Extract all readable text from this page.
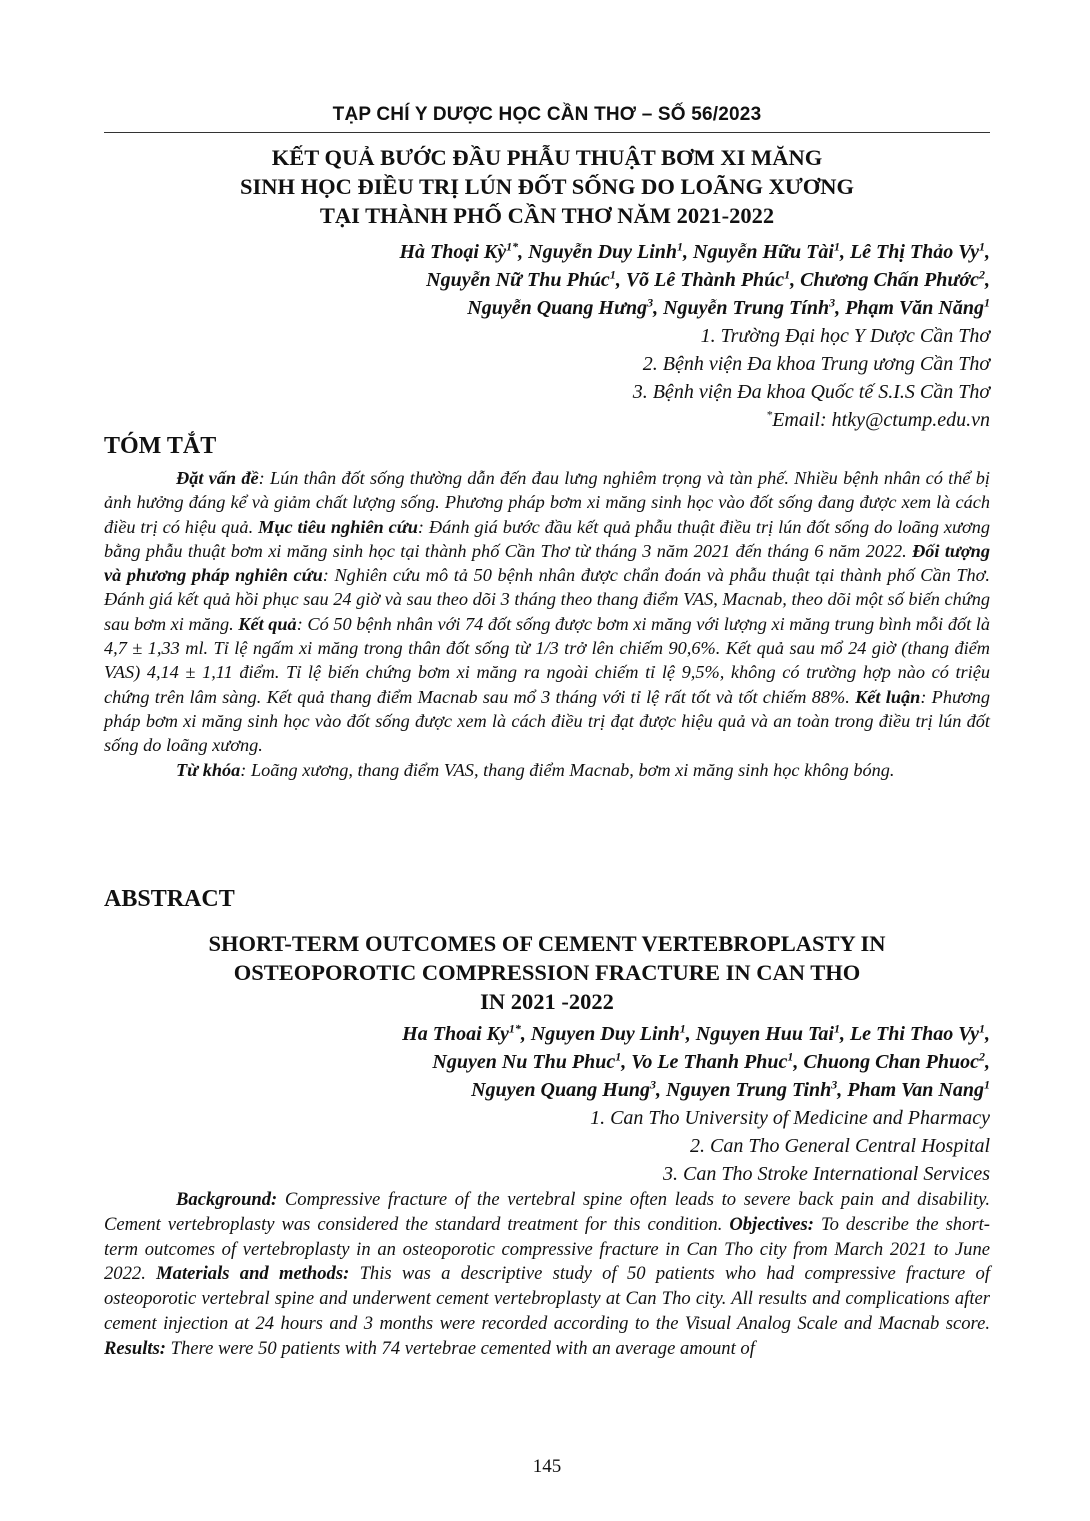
TẠP CHÍ Y DƯỢC HỌC CẦN THƠ – SỐ 56/2023
KẾT QUẢ BƯỚC ĐẦU PHẪU THUẬT BƠM XI MĂNG
SINH HỌC ĐIỀU TRỊ LÚN ĐỐT SỐNG DO LOÃNG XƯƠNG
TẠI THÀNH PHỐ CẦN THƠ NĂM 2021-2022
Hà Thoại Kỳ$^{1*}$, Nguyễn Duy Linh$^1$, Nguyễn Hữu Tài$^1$, Lê Thị Thảo Vy$^1$,
Nguyễn Nữ Thu Phúc$^1$, Võ Lê Thành Phúc$^1$, Chương Chấn Phước$^2$,
Nguyễn Quang Hưng$^3$, Nguyễn Trung Tính$^3$, Phạm Văn Năng$^1$
1. Trường Đại học Y Dược Cần Thơ
2. Bệnh viện Đa khoa Trung ương Cần Thơ
3. Bệnh viện Đa khoa Quốc tế S.I.S Cần Thơ
*Email: htky@ctump.edu.vn
TÓM TẮT

Đặt vấn đề: Lún thân đốt sống thường dẫn đến đau lưng nghiêm trọng và tàn phế. Nhiều bệnh nhân có thể bị ảnh hưởng đáng kể và giảm chất lượng sống. Phương pháp bơm xi măng sinh học vào đốt sống đang được xem là cách điều trị có hiệu quả. Mục tiêu nghiên cứu: Đánh giá bước đầu kết quả phẫu thuật điều trị lún đốt sống do loãng xương bằng phẫu thuật bơm xi măng sinh học tại thành phố Cần Thơ từ tháng 3 năm 2021 đến tháng 6 năm 2022. Đối tượng và phương pháp nghiên cứu: Nghiên cứu mô tả 50 bệnh nhân được chẩn đoán và phẫu thuật tại thành phố Cần Thơ. Đánh giá kết quả hồi phục sau 24 giờ và sau theo dõi 3 tháng theo thang điểm VAS, Macnab, theo dõi một số biến chứng sau bơm xi măng. Kết quả: Có 50 bệnh nhân với 74 đốt sống được bơm xi măng với lượng xi măng trung bình mỗi đốt là 4,7 ± 1,33 ml. Tỉ lệ ngấm xi măng trong thân đốt sống từ 1/3 trở lên chiếm 90,6%. Kết quả sau mổ 24 giờ (thang điểm VAS) 4,14 ± 1,11 điểm. Tỉ lệ biến chứng bơm xi măng ra ngoài chiếm tỉ lệ 9,5%, không có trường hợp nào có triệu chứng trên lâm sàng. Kết quả thang điểm Macnab sau mổ 3 tháng với tỉ lệ rất tốt và tốt chiếm 88%. Kết luận: Phương pháp bơm xi măng sinh học vào đốt sống được xem là cách điều trị đạt được hiệu quả và an toàn trong điều trị lún đốt sống do loãng xương.

Từ khóa: Loãng xương, thang điểm VAS, thang điểm Macnab, bơm xi măng sinh học không bóng.

ABSTRACT
SHORT-TERM OUTCOMES OF CEMENT VERTEBROPLASTY IN
OSTEOPOROTIC COMPRESSION FRACTURE IN CAN THO
IN 2021 -2022
Ha Thoai $Ky^{1*}$, Nguyen Duy Linh$^1$, Nguyen Huu Tai$^1$, Le Thi Thao Vy$^1$,
Nguyen Nu Thu Phuc$^1$, Vo Le Thanh Phuc$^1$, Chuong Chan Phuoc$^2$,
Nguyen Quang Hung$^3$, Nguyen Trung Tinh$^3$, Pham Van Nang$^1$
1. Can Tho University of Medicine and Pharmacy
2. Can Tho General Central Hospital
3. Can Tho Stroke International Services

Background: Compressive fracture of the vertebral spine often leads to severe back pain and disability. Cement vertebroplasty was considered the standard treatment for this condition. Objectives: To describe the short-term outcomes of vertebroplasty in an osteoporotic compressive fracture in Can Tho city from March 2021 to June 2022. Materials and methods: This was a descriptive study of 50 patients who had compressive fracture of osteoporotic vertebral spine and underwent cement vertebroplasty at Can Tho city. All results and complications after cement injection at 24 hours and 3 months were recorded according to the Visual Analog Scale and Macnab score. Results: There were 50 patients with 74 vertebrae cemented with an average amount of

145
